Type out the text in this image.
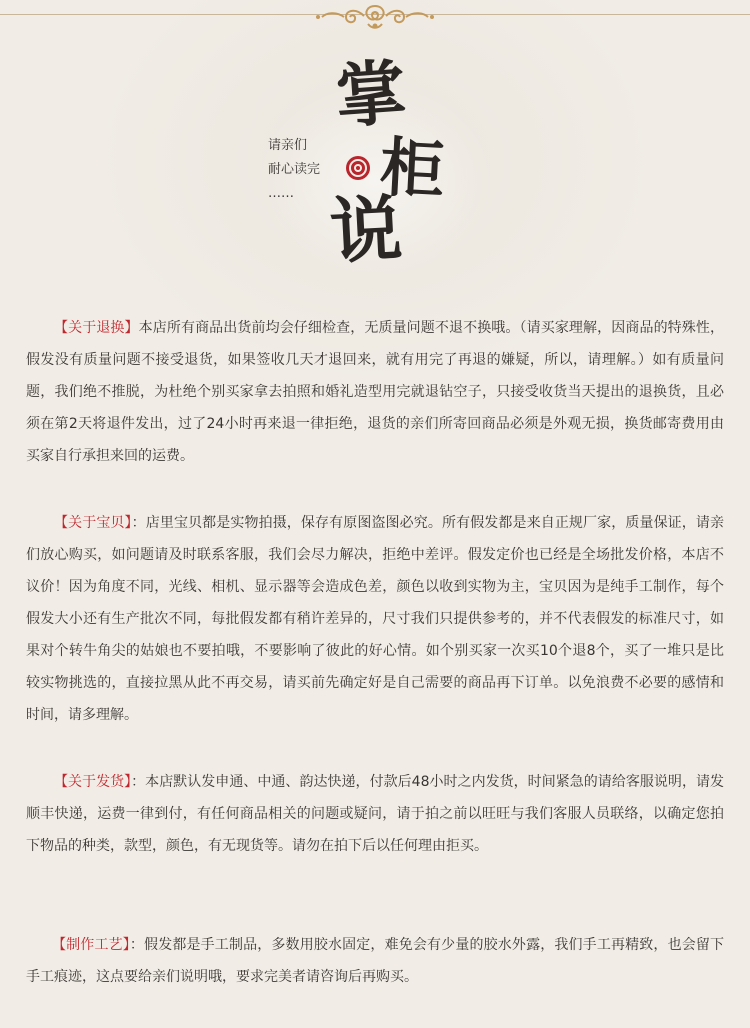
请亲们
耐心读完
……
掌
柜
说
【关于退换】本店所有商品出货前均会仔细检查，无质量问题不退不换哦。（请买家理解，因商品的特殊性，假发没有质量问题不接受退货，如果签收几天才退回来，就有用完了再退的嫌疑，所以，请理解。）如有质量问题，我们绝不推脱，为杜绝个别买家拿去拍照和婚礼造型用完就退钻空子，只接受收货当天提出的退换货，且必须在第2天将退件发出，过了24小时再来退一律拒绝，退货的亲们所寄回商品必须是外观无损，换货邮寄费用由买家自行承担来回的运费。
【关于宝贝】：店里宝贝都是实物拍摄，保存有原图盗图必究。所有假发都是来自正规厂家，质量保证，请亲们放心购买，如问题请及时联系客服，我们会尽力解决，拒绝中差评。假发定价也已经是全场批发价格，本店不议价！因为角度不同，光线、相机、显示器等会造成色差，颜色以收到实物为主，宝贝因为是纯手工制作，每个假发大小还有生产批次不同，每批假发都有稍许差异的，尺寸我们只提供参考的，并不代表假发的标准尺寸，如果对个转牛角尖的姑娘也不要拍哦，不要影响了彼此的好心情。如个别买家一次买10个退8个，买了一堆只是比较实物挑选的，直接拉黑从此不再交易，请买前先确定好是自己需要的商品再下订单。以免浪费不必要的感情和时间，请多理解。
【关于发货】：本店默认发申通、中通、韵达快递，付款后48小时之内发货，时间紧急的请给客服说明，请发顺丰快递，运费一律到付，有任何商品相关的问题或疑问，请于拍之前以旺旺与我们客服人员联络，以确定您拍下物品的种类，款型，颜色，有无现货等。请勿在拍下后以任何理由拒买。
【制作工艺】：假发都是手工制品，多数用胶水固定，难免会有少量的胶水外露，我们手工再精致，也会留下手工痕迹，这点要给亲们说明哦，要求完美者请咨询后再购买。
